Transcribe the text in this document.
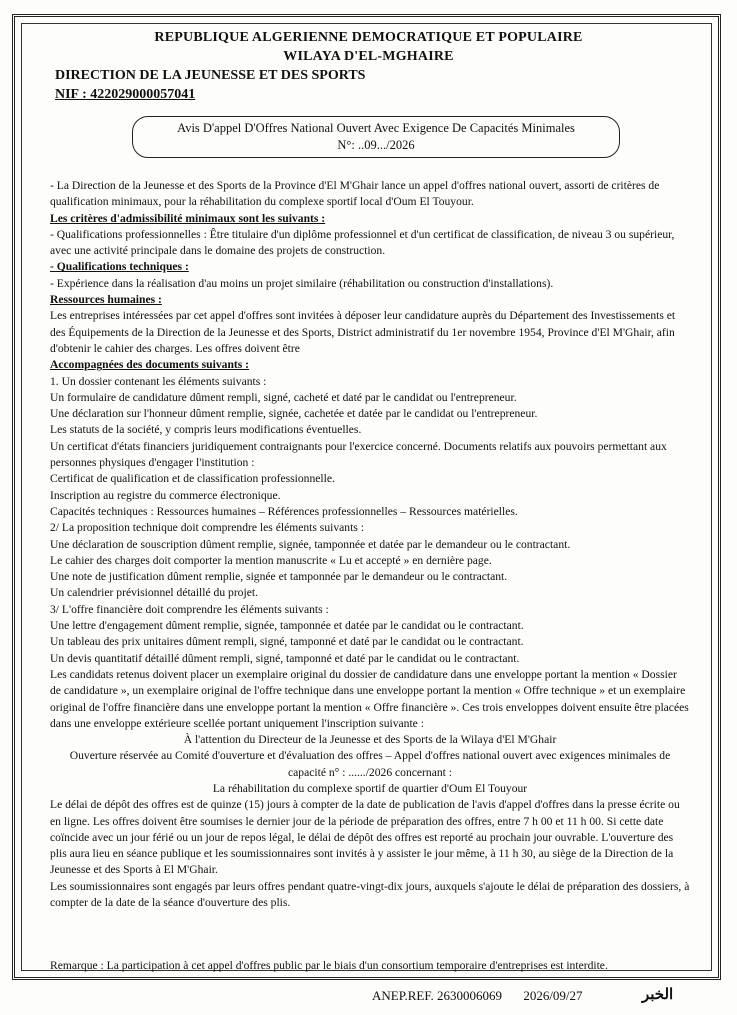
REPUBLIQUE ALGERIENNE DEMOCRATIQUE ET POPULAIRE
WILAYA D'EL-MGHAIRE
DIRECTION DE LA JEUNESSE ET DES SPORTS
NIF : 422029000057041
Avis D'appel D'Offres National Ouvert Avec Exigence De Capacités Minimales
N°: ..09.../2026

- La Direction de la Jeunesse et des Sports de la Province d'El M'Ghair lance un appel d'offres national ouvert, assorti de critères de qualification minimaux, pour la réhabilitation du complexe sportif local d'Oum El Touyour.

Les critères d'admissibilité minimaux sont les suivants :

- Qualifications professionnelles : Être titulaire d'un diplôme professionnel et d'un certificat de classification, de niveau 3 ou supérieur, avec une activité principale dans le domaine des projets de construction.

- Qualifications techniques :

- Expérience dans la réalisation d'au moins un projet similaire (réhabilitation ou construction d'installations).

Ressources humaines :

Les entreprises intéressées par cet appel d'offres sont invitées à déposer leur candidature auprès du Département des Investissements et des Équipements de la Direction de la Jeunesse et des Sports, District administratif du 1er novembre 1954, Province d'El M'Ghair, afin d'obtenir le cahier des charges. Les offres doivent être

Accompagnées des documents suivants :

1. Un dossier contenant les éléments suivants :

Un formulaire de candidature dûment rempli, signé, cacheté et daté par le candidat ou l'entrepreneur.

Une déclaration sur l'honneur dûment remplie, signée, cachetée et datée par le candidat ou l'entrepreneur.

Les statuts de la société, y compris leurs modifications éventuelles.

Un certificat d'états financiers juridiquement contraignants pour l'exercice concerné. Documents relatifs aux pouvoirs permettant aux personnes physiques d'engager l'institution :

Certificat de qualification et de classification professionnelle.

Inscription au registre du commerce électronique.

Capacités techniques : Ressources humaines – Références professionnelles – Ressources matérielles.

2/ La proposition technique doit comprendre les éléments suivants :

Une déclaration de souscription dûment remplie, signée, tamponnée et datée par le demandeur ou le contractant.

Le cahier des charges doit comporter la mention manuscrite « Lu et accepté » en dernière page.

Une note de justification dûment remplie, signée et tamponnée par le demandeur ou le contractant.

Un calendrier prévisionnel détaillé du projet.

3/ L'offre financière doit comprendre les éléments suivants :

Une lettre d'engagement dûment remplie, signée, tamponnée et datée par le candidat ou le contractant.

Un tableau des prix unitaires dûment rempli, signé, tamponné et daté par le candidat ou le contractant.

Un devis quantitatif détaillé dûment rempli, signé, tamponné et daté par le candidat ou le contractant.

Les candidats retenus doivent placer un exemplaire original du dossier de candidature dans une enveloppe portant la mention « Dossier de candidature », un exemplaire original de l'offre technique dans une enveloppe portant la mention « Offre technique » et un exemplaire original de l'offre financière dans une enveloppe portant la mention « Offre financière ». Ces trois enveloppes doivent ensuite être placées dans une enveloppe extérieure scellée portant uniquement l'inscription suivante :

À l'attention du Directeur de la Jeunesse et des Sports de la Wilaya d'El M'Ghair

Ouverture réservée au Comité d'ouverture et d'évaluation des offres – Appel d'offres national ouvert avec exigences minimales de capacité n° : ....../2026 concernant :

La réhabilitation du complexe sportif de quartier d'Oum El Touyour

Le délai de dépôt des offres est de quinze (15) jours à compter de la date de publication de l'avis d'appel d'offres dans la presse écrite ou en ligne. Les offres doivent être soumises le dernier jour de la période de préparation des offres, entre 7 h 00 et 11 h 00. Si cette date coïncide avec un jour férié ou un jour de repos légal, le délai de dépôt des offres est reporté au prochain jour ouvrable. L'ouverture des plis aura lieu en séance publique et les soumissionnaires sont invités à y assister le jour même, à 11 h 30, au siège de la Direction de la Jeunesse et des Sports à El M'Ghair.

Les soumissionnaires sont engagés par leurs offres pendant quatre-vingt-dix jours, auxquels s'ajoute le délai de préparation des dossiers, à compter de la date de la séance d'ouverture des plis.

Remarque : La participation à cet appel d'offres public par le biais d'un consortium temporaire d'entreprises est interdite.
ANEP.REF. 2630006069 2026/09/27	الخبر
